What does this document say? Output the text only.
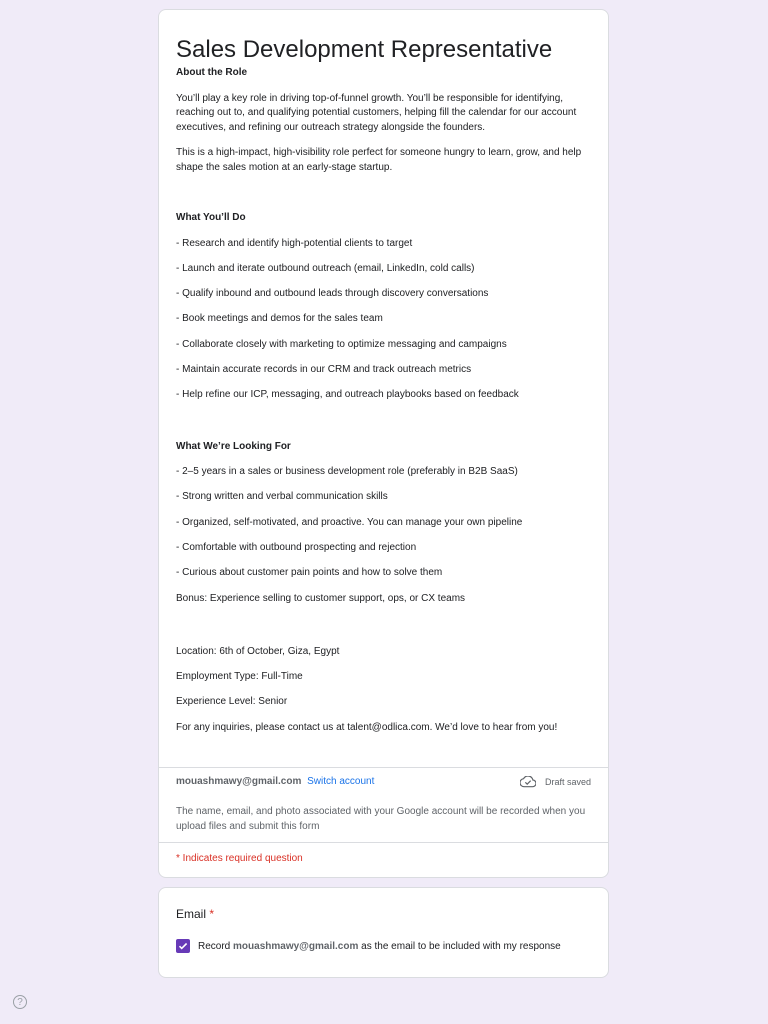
Sales Development Representative

About the Role

You’ll play a key role in driving top-of-funnel growth. You’ll be responsible for identifying, reaching out to, and qualifying potential customers, helping fill the calendar for our account executives, and refining our outreach strategy alongside the founders.

This is a high-impact, high-visibility role perfect for someone hungry to learn, grow, and help shape the sales motion at an early-stage startup.

What You’ll Do

- Research and identify high-potential clients to target
- Launch and iterate outbound outreach (email, LinkedIn, cold calls)
- Qualify inbound and outbound leads through discovery conversations
- Book meetings and demos for the sales team
- Collaborate closely with marketing to optimize messaging and campaigns
- Maintain accurate records in our CRM and track outreach metrics
- Help refine our ICP, messaging, and outreach playbooks based on feedback

What We’re Looking For

- 2–5 years in a sales or business development role (preferably in B2B SaaS)
- Strong written and verbal communication skills
- Organized, self-motivated, and proactive. You can manage your own pipeline
- Comfortable with outbound prospecting and rejection
- Curious about customer pain points and how to solve them
Bonus: Experience selling to customer support, ops, or CX teams
Location: 6th of October, Giza, Egypt
Employment Type: Full-Time
Experience Level: Senior
For any inquiries, please contact us at talent@odlica.com. We’d love to hear from you!
mouashmawy@gmail.com Switch account	Draft saved
The name, email, and photo associated with your Google account will be recorded when you upload files and submit this form
* Indicates required question
Email *
Record
mouashmawy@gmail.com
as the email to be included with my response
?
